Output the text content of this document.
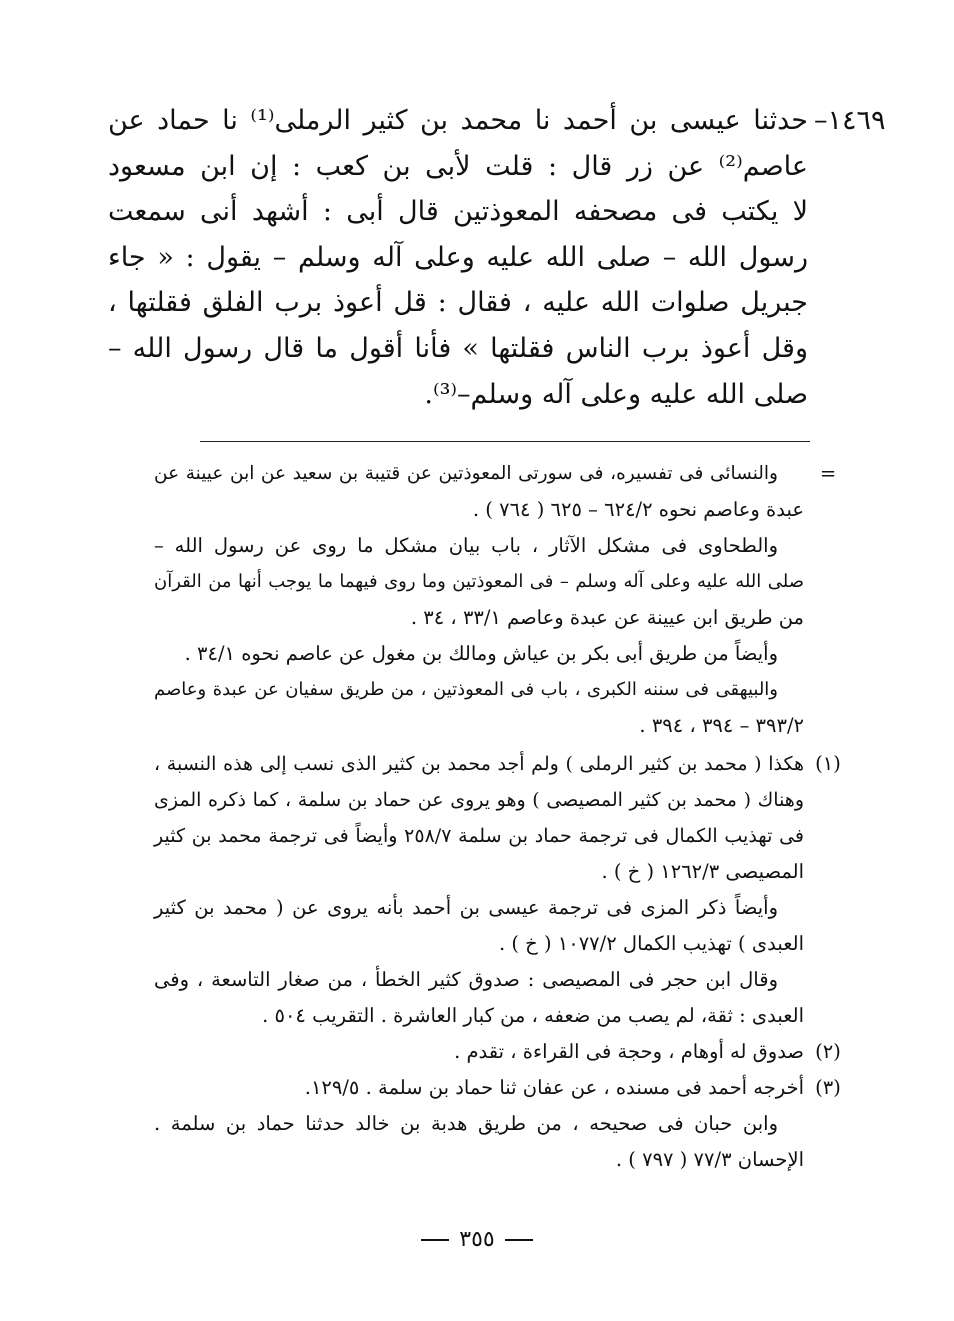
١٤٦٩–
حدثنا عيسى بن أحمد نا محمد بن كثير الرملى⁽¹⁾ نا حماد عن
عاصم⁽²⁾ عن زر قال : قلت لأبى بن كعب : إن ابن مسعود
لا يكتب فى مصحفه المعوذتين قال أبى : أشهد أنى سمعت
رسول الله – صلى الله عليه وعلى آله وسلم – يقول : « جاء
جبريل صلوات الله عليه ، فقال : قل أعوذ برب الفلق فقلتها ،
وقل أعوذ برب الناس فقلتها » فأنا أقول ما قال رسول الله –
صلى الله عليه وعلى آله وسلم–⁽³⁾.
=
والنسائى فى تفسيره، فى سورتى المعوذتين عن قتيبة بن سعيد عن ابن عيينة عن
عبدة وعاصم نحوه ٦٢٤/٢ – ٦٢٥ ( ٧٦٤ ) .
والطحاوى فى مشكل الآثار ، باب بيان مشكل ما روى عن رسول الله –
صلى الله عليه وعلى آله وسلم – فى المعوذتين وما روى فيهما ما يوجب أنها من القرآن
من طريق ابن عيينة عن عبدة وعاصم ٣٣/١ ، ٣٤ .
وأيضاً من طريق أبى بكر بن عياش ومالك بن مغول عن عاصم نحوه ٣٤/١ .
والبيهقى فى سننه الكبرى ، باب فى المعوذتين ، من طريق سفيان عن عبدة وعاصم
٣٩٣/٢ – ٣٩٤ ، ٣٩٤ .
(١)
هكذا ( محمد بن كثير الرملى ) ولم أجد محمد بن كثير الذى نسب إلى هذه النسبة ،
وهناك ( محمد بن كثير المصيصى ) وهو يروى عن حماد بن سلمة ، كما ذكره المزى
فى تهذيب الكمال فى ترجمة حماد بن سلمة ٢٥٨/٧ وأيضاً فى ترجمة محمد بن كثير
المصيصى ١٢٦٢/٣ ( خ ) .
وأيضاً ذكر المزى فى ترجمة عيسى بن أحمد بأنه يروى عن ( محمد بن كثير
العبدى ) تهذيب الكمال ١٠٧٧/٢ ( خ ) .
وقال ابن حجر فى المصيصى : صدوق كثير الخطأ ، من صغار التاسعة ، وفى
العبدى : ثقة، لم يصب من ضعفه ، من كبار العاشرة . التقريب ٥٠٤ .
(٢)
صدوق له أوهام ، وحجة فى القراءة ، تقدم .
(٣)
أخرجه أحمد فى مسنده ، عن عفان ثنا حماد بن سلمة . ١٢٩/٥.
وابن حبان فى صحيحه ، من طريق هدبة بن خالد حدثنا حماد بن سلمة .
الإحسان ٧٧/٣ ( ٧٩٧ ) .
٣٥٥
